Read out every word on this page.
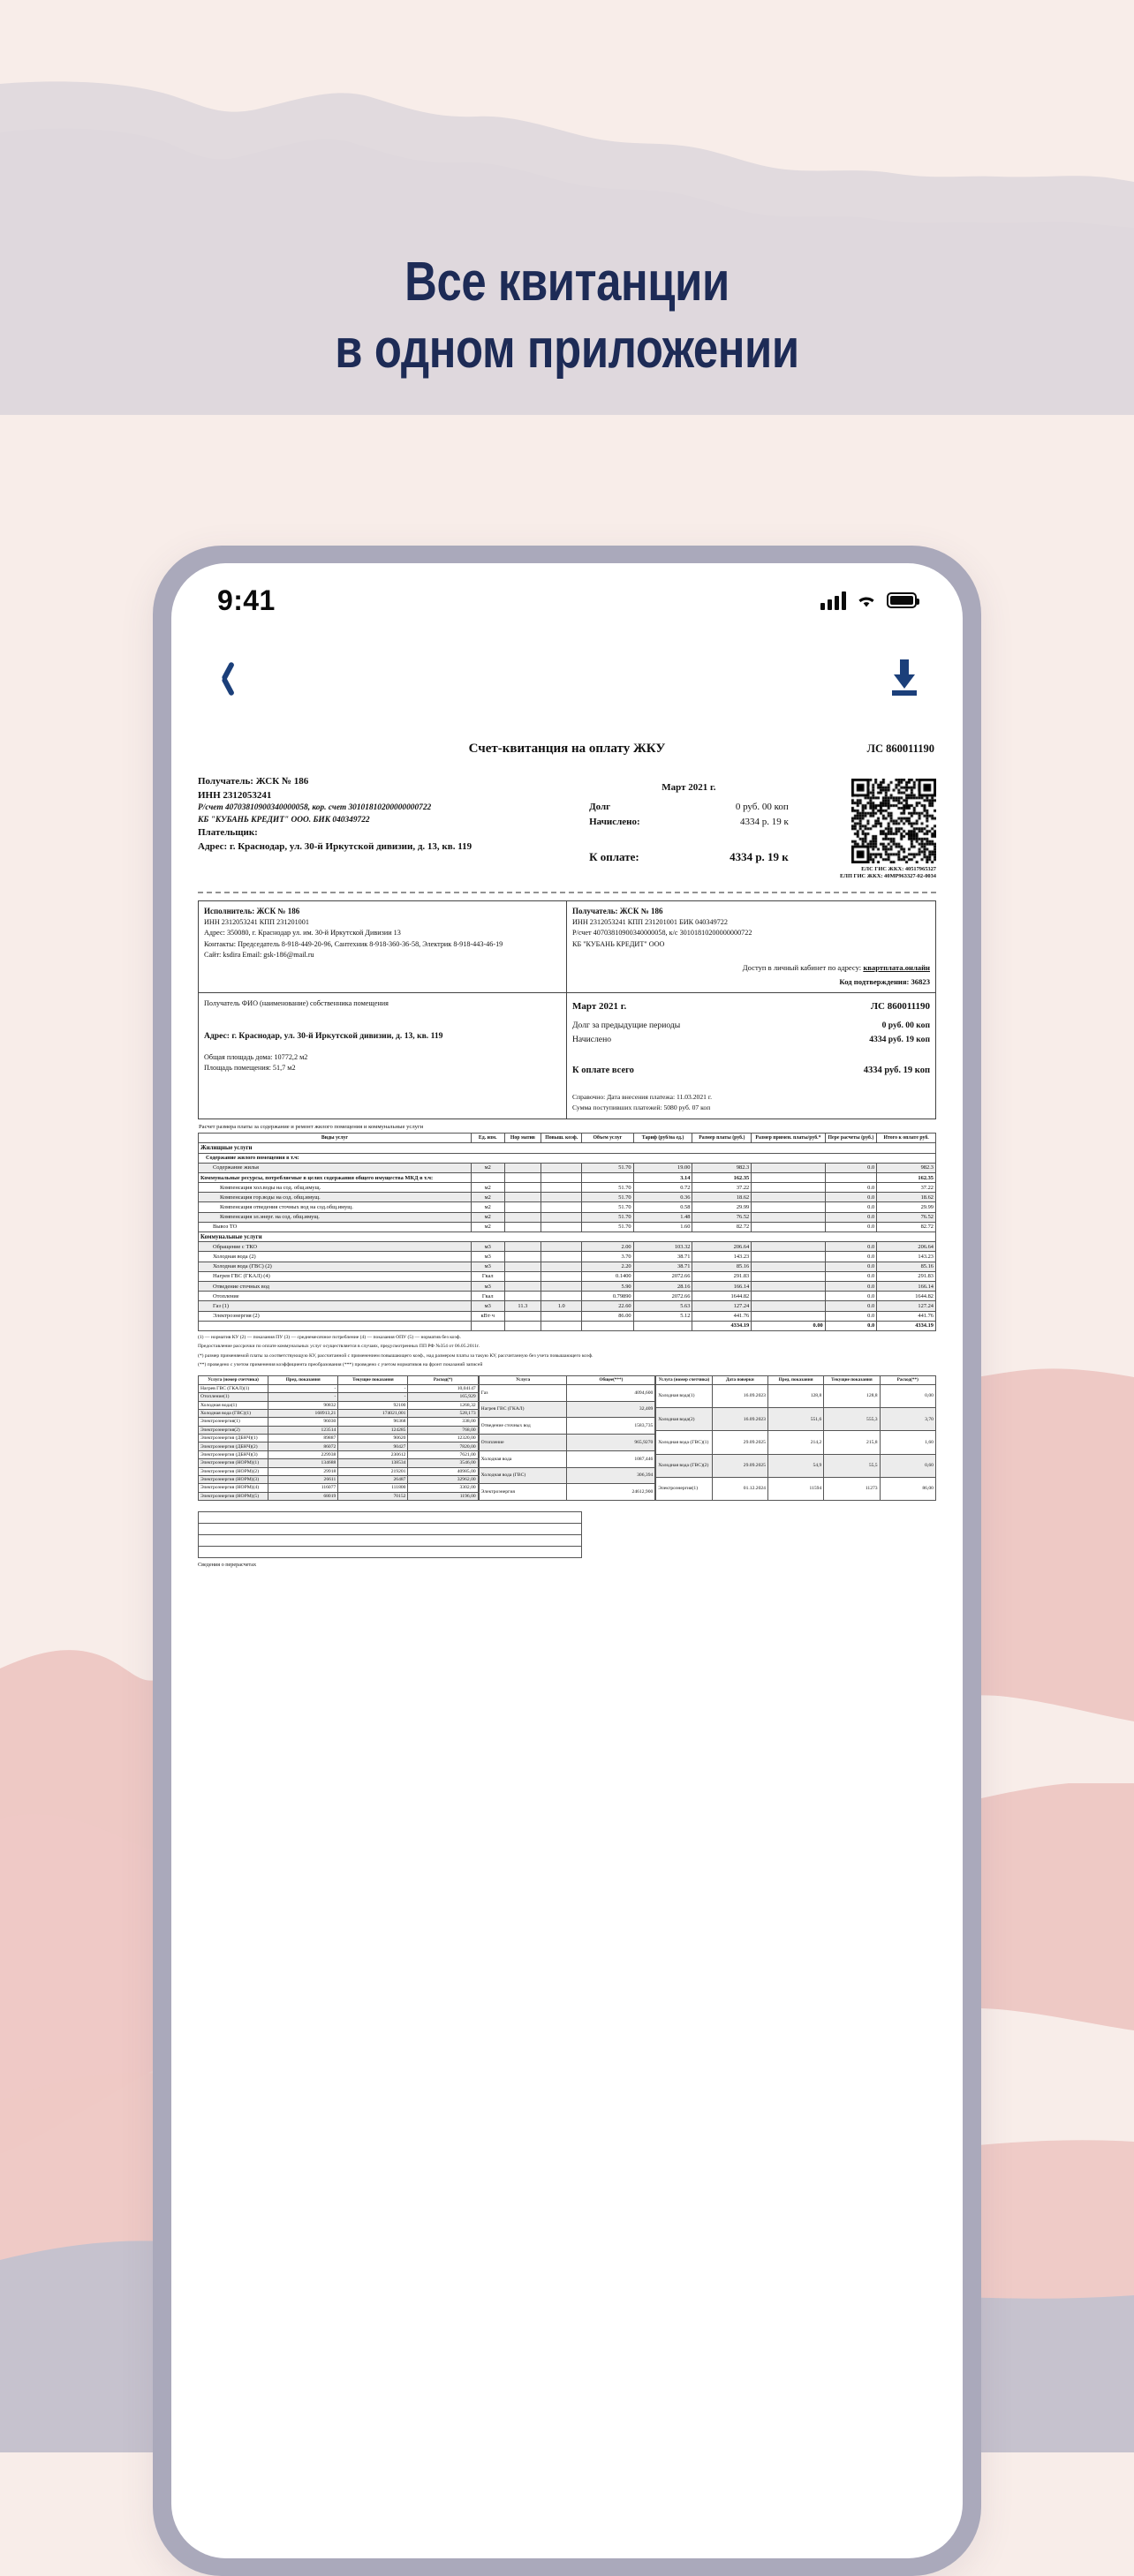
Все квитанции
в одном приложении
9:41
Счет-квитанция на оплату ЖКУ	ЛС 860011190
Получатель: ЖСК № 186
ИНН 2312053241
Р/счет 40703810900340000058, кор. счет 30101810200000000722
КБ "КУБАНЬ КРЕДИТ" ООО. БИК 040349722
Плательщик:
Адрес: г. Краснодар, ул. 30-й Иркутской дивизии, д. 13, кв. 119
Март 2021 г.
Долг	0 руб. 00 коп
Начислено:	4334 р. 19 к
К оплате:	4334 р. 19 к
ЕЛС ГИС ЖКХ: 40517965327
ЕЛП ГИС ЖКХ: 40МР963327-02-0034
Исполнитель: ЖСК № 186
ИНН 2312053241 КПП 231201001
Адрес: 350080, г. Краснодар ул. им. 30-й Иркутской Дивизии 13
Контакты: Председатель 8-918-449-20-96, Сантехник 8-918-360-36-58, Электрик 8-918-443-46-19
Сайт: ksdira Email: gsk-186@mail.ru
Получатель: ЖСК № 186
ИНН 2312053241 КПП 231201001 БИК 040349722
Р/счет 40703810900340000058, к/с 30101810200000000722
КБ "КУБАНЬ КРЕДИТ" ООО
Доступ в личный кабинет по адресу: квартплата.онлайн
Код подтверждения: 36823
Получатель ФИО (наименование) собственника помещения
Адрес: г. Краснодар, ул. 30-й Иркутской дивизии, д. 13, кв. 119
Общая площадь дома: 10772,2 м2
Площадь помещения: 51,7 м2
Март 2021 г.	ЛС 860011190
Долг за предыдущие периоды	0 руб. 00 коп
Начислено	4334 руб. 19 коп
К оплате всего	4334 руб. 19 коп
Справочно: Дата внесения платежа: 11.03.2021 г.
Сумма поступивших платежей: 5080 руб. 07 коп
Расчет размера платы за содержание и ремонт жилого помещения и коммунальные услуги
Виды услуг	Ед. изм.	Нор матив	Повыш. коэф.	Объем услуг	Тариф (руб/на ед.)	Размер платы (руб.)	Размер примен. платы/руб.*	Пере расчеты (руб.)	Итого к оплате руб.
Жилищные услуги									
Содержание жилого помещения в т.ч:									
Содержание жилья	м2			51.70	19.00	982.3		0.0	982.3
Коммунальные ресурсы, потребляемые в целях содержания общего имущества МКД в т.ч:					3.14	162.35			162.35
Компенсация хол.воды на сод. общ.имущ.	м2			51.70	0.72	37.22		0.0	37.22
Компенсация гор.воды на сод. общ.имущ.	м2			51.70	0.36	18.62		0.0	18.62
Компенсация отведения сточных вод на сод.общ.имущ.	м2			51.70	0.58	29.99		0.0	29.99
Компенсация эл.энерг. на сод. общ.имущ.	м2			51.70	1.48	76.52		0.0	76.52
Вывоз ТО	м2			51.70	1.60	82.72		0.0	82.72
Коммунальные услуги									
Обращение с ТКО	м3			2.00	103.32	206.64		0.0	206.64
Холодная вода (2)	м3			3.70	38.71	143.23		0.0	143.23
Холодная вода (ГВС) (2)	м3			2.20	38.71	85.16		0.0	85.16
Нагрев ГВС (ГКАЛ) (4)	Гкал			0.1400	2072.66	291.83		0.0	291.83
Отведение сточных вод	м3			5.90	28.16	166.14		0.0	166.14
Отопление	Гкал			0.79890	2072.66	1644.82		0.0	1644.82
Газ (1)	м3	11.3	1.0	22.60	5.63	127.24		0.0	127.24
Электроэнергия (2)	кВт·ч			86.00	5.12	441.76		0.0	441.76
						4334.19	0.00	0.0	4334.19
(1) — норматив КУ (2) — показания ПУ (3) — среднемесячное потребление (4) — показания ОПУ (5) — норматив без коэф.
Предоставление рассрочки по оплате коммунальных услуг осуществляется в случаях, предусмотренных ПП РФ №354 от 06.05.2011г.
(*) размер применяемой платы за соответствующую КУ, рассчитанной с применением повышающего коэф., над размером платы за такую КУ, рассчитанную без учета повышающего коэф.
(**) проведено с учетом применения коэффициента преобразования (***) проведено с учетом нормативов на фронт показаний записей
Услуга (номер счетчика)	Пред. показания	Текущие показания	Расход(*)
Нагрев ГВС (ГКАЛ)(1)	-	-	10,04147
Отопление(1)	-	-	165,929
Холодная вода(1)	90832	92100	1268,32
Холодная вода (ГВС)(1)	168913,21	174021,001	528,173
Электроэнергия(1)	96030	96368	338,00
Электроэнергия(2)	123514	124285	768,00
Электроэнергия (ДБНЧ)(1)	89887	90620	12320,00
Электроэнергия (ДБНЧ)(2)	86072	90427	7820,00
Электроэнергия (ДБНЧ)(3)	229938	230612	7621,00
Электроэнергия (НОРМ)(1)	134688	138534	3546,00
Электроэнергия (НОРМ)(2)	29918	219201	40985,00
Электроэнергия (НОРМ)(3)	26611	26487	32962,00
Электроэнергия (НОРМ)(4)	116077	111800	3302,00
Электроэнергия (НОРМ)(5)	68019	70152	1196,00
Услуга	Общее(***)
Газ	4094,600
Нагрев ГВС (ГКАЛ)	32,409
Отведение сточных вод	1583,735
Отопление	965,9270
Холодная вода	1087,446
Холодная вода (ГВС)	306,394
Электроэнергия	24612,900
Услуга (номер счетчика)	Дата поверки	Пред. показания	Текущие показания	Расход(**)
Холодная вода(1)	16.09.2023	128,8	128,8	0,00
Холодная вода(2)	16.09.2023	551,6	555,3	3,70
Холодная вода (ГВС)(1)	29.09.2025	214,2	215,8	1,60
Холодная вода (ГВС)(2)	29.09.2025	54,9	55,5	0,60
Электроэнергия(1)	01.12.2024	11594	11273	86,00
Сведения о перерасчетах
